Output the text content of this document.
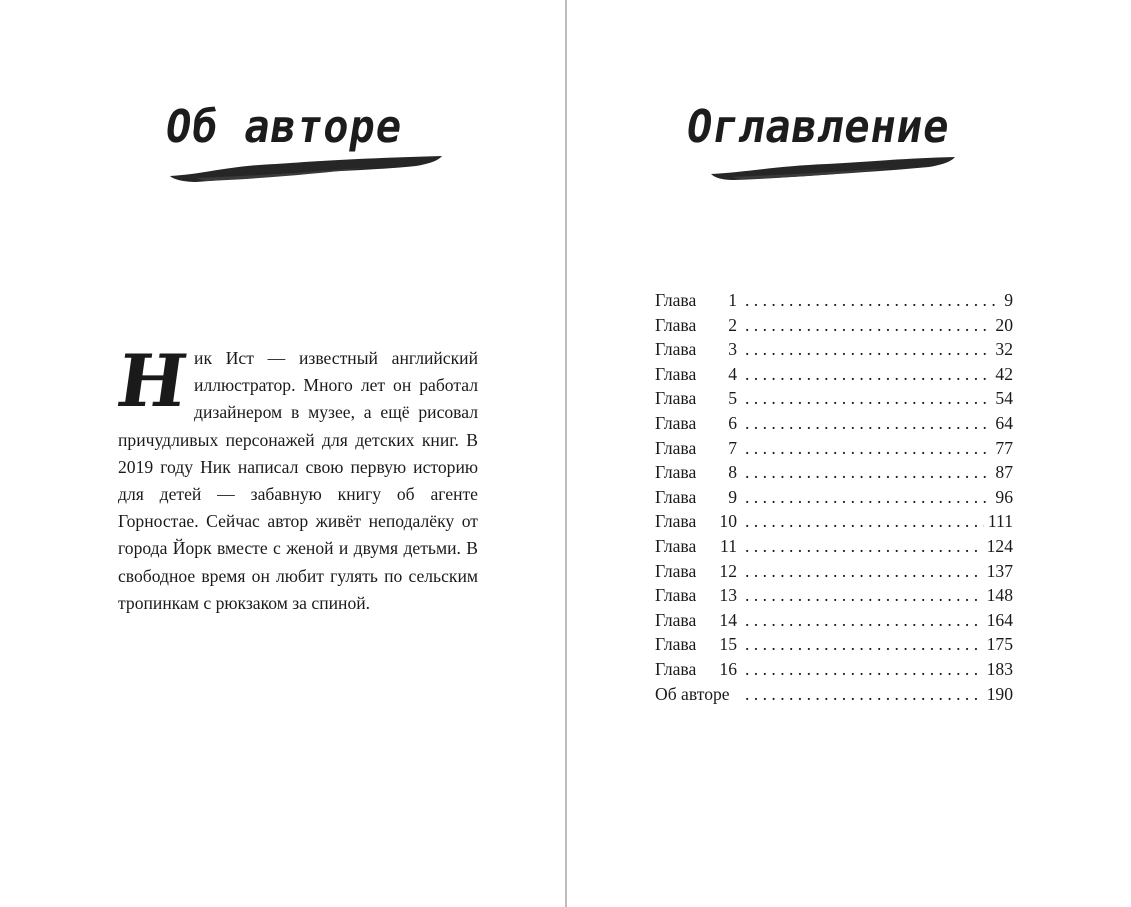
Об авторе

Н ик Ист — известный английский иллюстратор. Много лет он работал дизайнером в музее, а ещё рисовал причудливых персонажей для детских книг. В 2019 году Ник написал свою первую историю для детей — забавную книгу об агенте Горностае. Сейчас автор живёт неподалёку от города Йорк вместе с женой и двумя детьми. В свободное время он любит гулять по сельским тропинкам с рюкзаком за спиной.

Оглавление
Глава	1 . . .	9
Глава	2 . . .	20
Глава	3 . . .	32
Глава	4 . . .	42
Глава	5 . . .	54
Глава	6 . . .	64
Глава	7 . . .	77
Глава	8 . . .	87
Глава	9 . . .	96
Глава	10 . . .	111
Глава	11 . . .	124
Глава	12 . . .	137
Глава	13 . . .	148
Глава	14 . . .	164
Глава	15 . . .	175
Глава	16 . . .	183
Об авторе . . .	190
